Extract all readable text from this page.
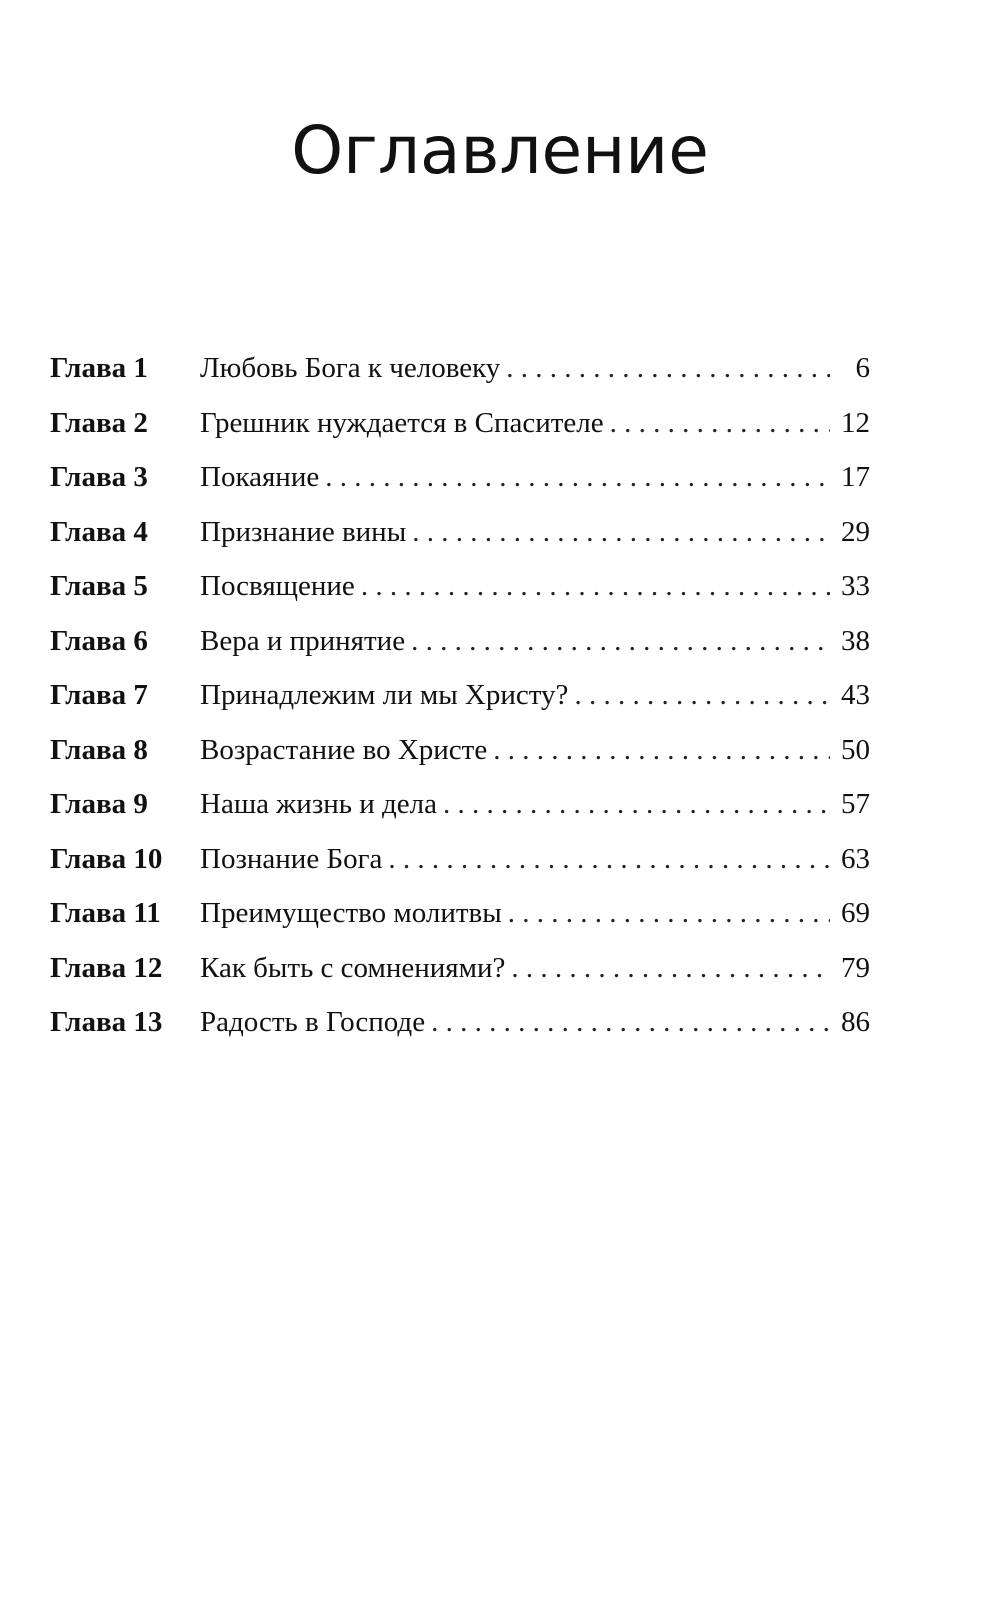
Оглавление
Глава 1	Любовь Бога к человеку . . .	6
Глава 2	Грешник нуждается в Спасителе . . .	12
Глава 3	Покаяние . . .	17
Глава 4	Признание вины . . .	29
Глава 5	Посвящение . . .	33
Глава 6	Вера и принятие . . .	38
Глава 7	Принадлежим ли мы Христу? . . .	43
Глава 8	Возрастание во Христе . . .	50
Глава 9	Наша жизнь и дела . . .	57
Глава 10	Познание Бога . . .	63
Глава 11	Преимущество молитвы . . .	69
Глава 12	Как быть с сомнениями? . . .	79
Глава 13	Радость в Господе . . .	86
